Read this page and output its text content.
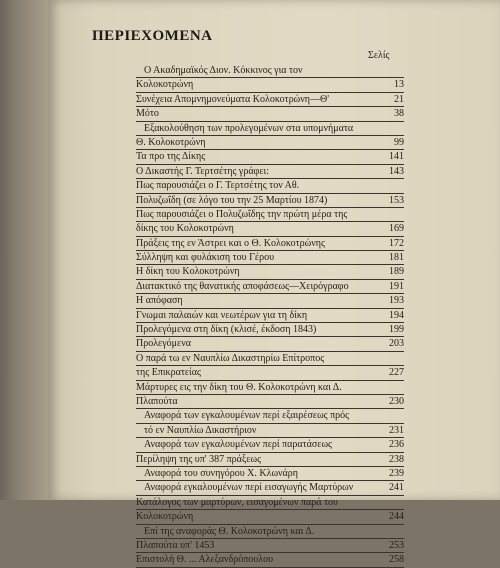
ΠΕΡΙΕΧΟΜΕΝΑ
Σελίς
Ο Ακαδημαϊκός Διον. Κόκκινος για τον
Κολοκοτρώνη	13
Συνέχεια Απομνημονεύματα Κολοκοτρώνη—Θ'	21
Μότο	38
Εξακολούθηση των προλεγομένων στα υπομνήματα
Θ. Κολοκοτρώνη	99
Τα προ της Δίκης	141
Ο Δικαστής Γ. Τερτσέτης γράφει:	143
Πως παρουσιάζει ο Γ. Τερτσέτης τον Αθ.
Πολυζωΐδη (σε λόγο του την 25 Μαρτίου 1874)	153
Πως παρουσιάζει ο Πολυζωΐδης την πρώτη μέρα της
δίκης του Κολοκοτρώνη	169
Πράξεις της εν Άστρει και ο Θ. Κολοκοτρώνης	172
Σύλληψη και φυλάκιση του Γέρου	181
Η δίκη του Κολοκοτρώνη	189
Διατακτικό της θανατικής αποφάσεως—Χειρόγραφο	191
Η απόφαση	193
Γνωμαι παλαιών και νεωτέρων για τη δίκη	194
Προλεγόμενα στη δίκη (κλισέ, έκδοση 1843)	199
Προλεγόμενα	203
Ο παρά τω εν Ναυπλίω Δικαστηρίω Επίτροπος
της Επικρατείας	227
Μάρτυρες εις την δίκη του Θ. Κολοκοτρώνη και Δ.
Πλαπούτα	230
Αναφορά των εγκαλουμένων περί εξαιρέσεως πρός
τό εν Ναυπλίω Δικαστήριον	231
Αναφορά των εγκαλουμένων περί παρατάσεως	236
Περίληψη της υπ' 387 πράξεως	238
Αναφορά του συνηγόρου Χ. Κλωνάρη	239
Αναφορά εγκαλουμένων περί εισαγωγής Μαρτύρων	241
Κατάλογος των μαρτύρων, εισαγομένων παρά του
Κολοκοτρώνη	244
Επί της αναφοράς Θ. Κολοκοτρώνη και Δ.
Πλαπούτα υπ' 1453	253
Επιστολή Θ. ... Αλεξανδρόπουλου	258
